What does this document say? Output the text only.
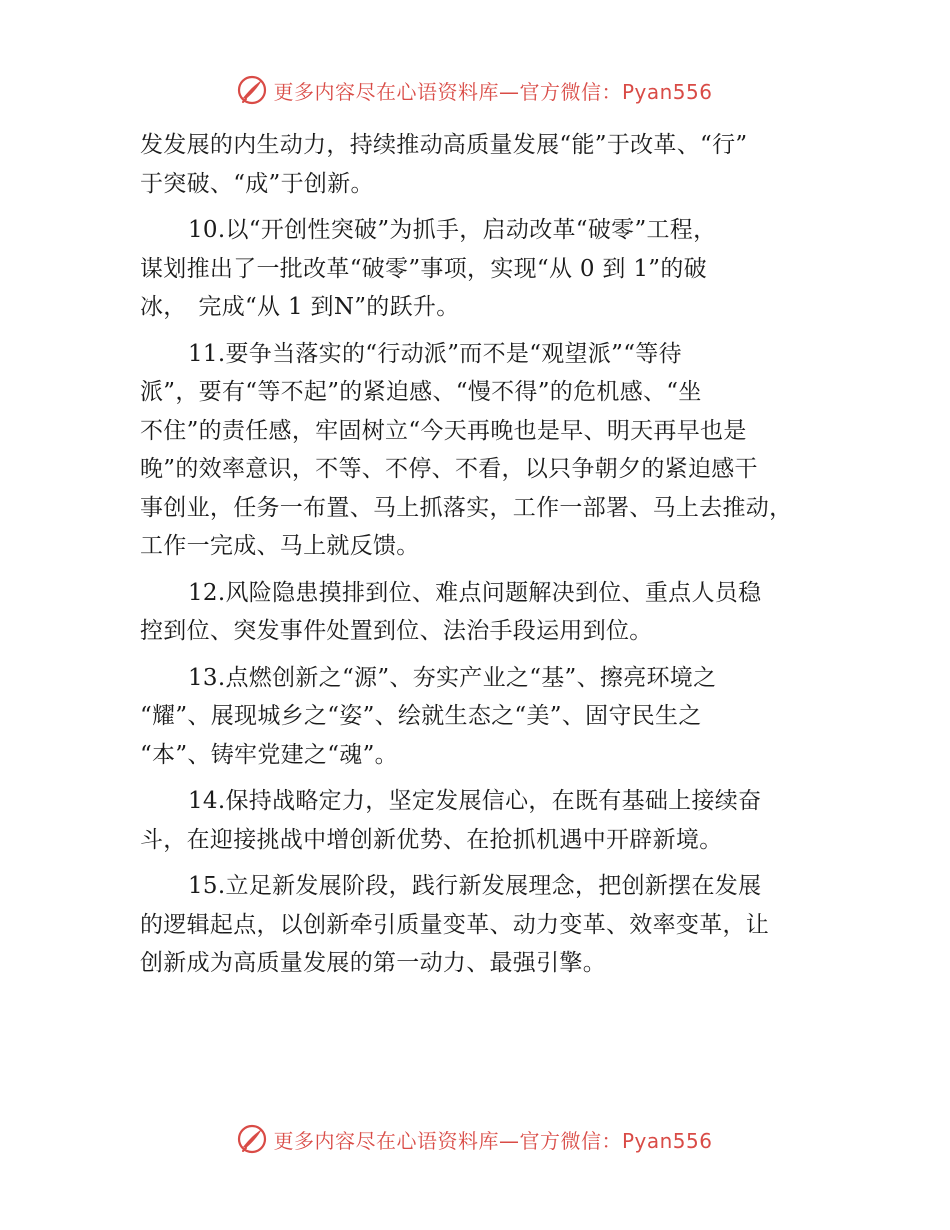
更多内容尽在心语资料库—官方微信：Pyan556
发发展的内生动力，持续推动高质量发展“能”于改革、“行”
于突破、“成”于创新。
10.以“开创性突破”为抓手，启动改革“破零”工程，
谋划推出了一批改革“破零”事项，实现“从 0 到 1”的破
冰，　完成“从 1 到N”的跃升。
11.要争当落实的“行动派”而不是“观望派”“等待
派”，要有“等不起”的紧迫感、“慢不得”的危机感、“坐
不住”的责任感，牢固树立“今天再晚也是早、明天再早也是
晚”的效率意识，不等、不停、不看，以只争朝夕的紧迫感干
事创业，任务一布置、马上抓落实，工作一部署、马上去推动，
工作一完成、马上就反馈。
12.风险隐患摸排到位、难点问题解决到位、重点人员稳
控到位、突发事件处置到位、法治手段运用到位。
13.点燃创新之“源”、夯实产业之“基”、擦亮环境之
“耀”、展现城乡之“姿”、绘就生态之“美”、固守民生之
“本”、铸牢党建之“魂”。
14.保持战略定力，坚定发展信心，在既有基础上接续奋
斗，在迎接挑战中增创新优势、在抢抓机遇中开辟新境。
15.立足新发展阶段，践行新发展理念，把创新摆在发展
的逻辑起点，以创新牵引质量变革、动力变革、效率变革，让
创新成为高质量发展的第一动力、最强引擎。
更多内容尽在心语资料库—官方微信：Pyan556
